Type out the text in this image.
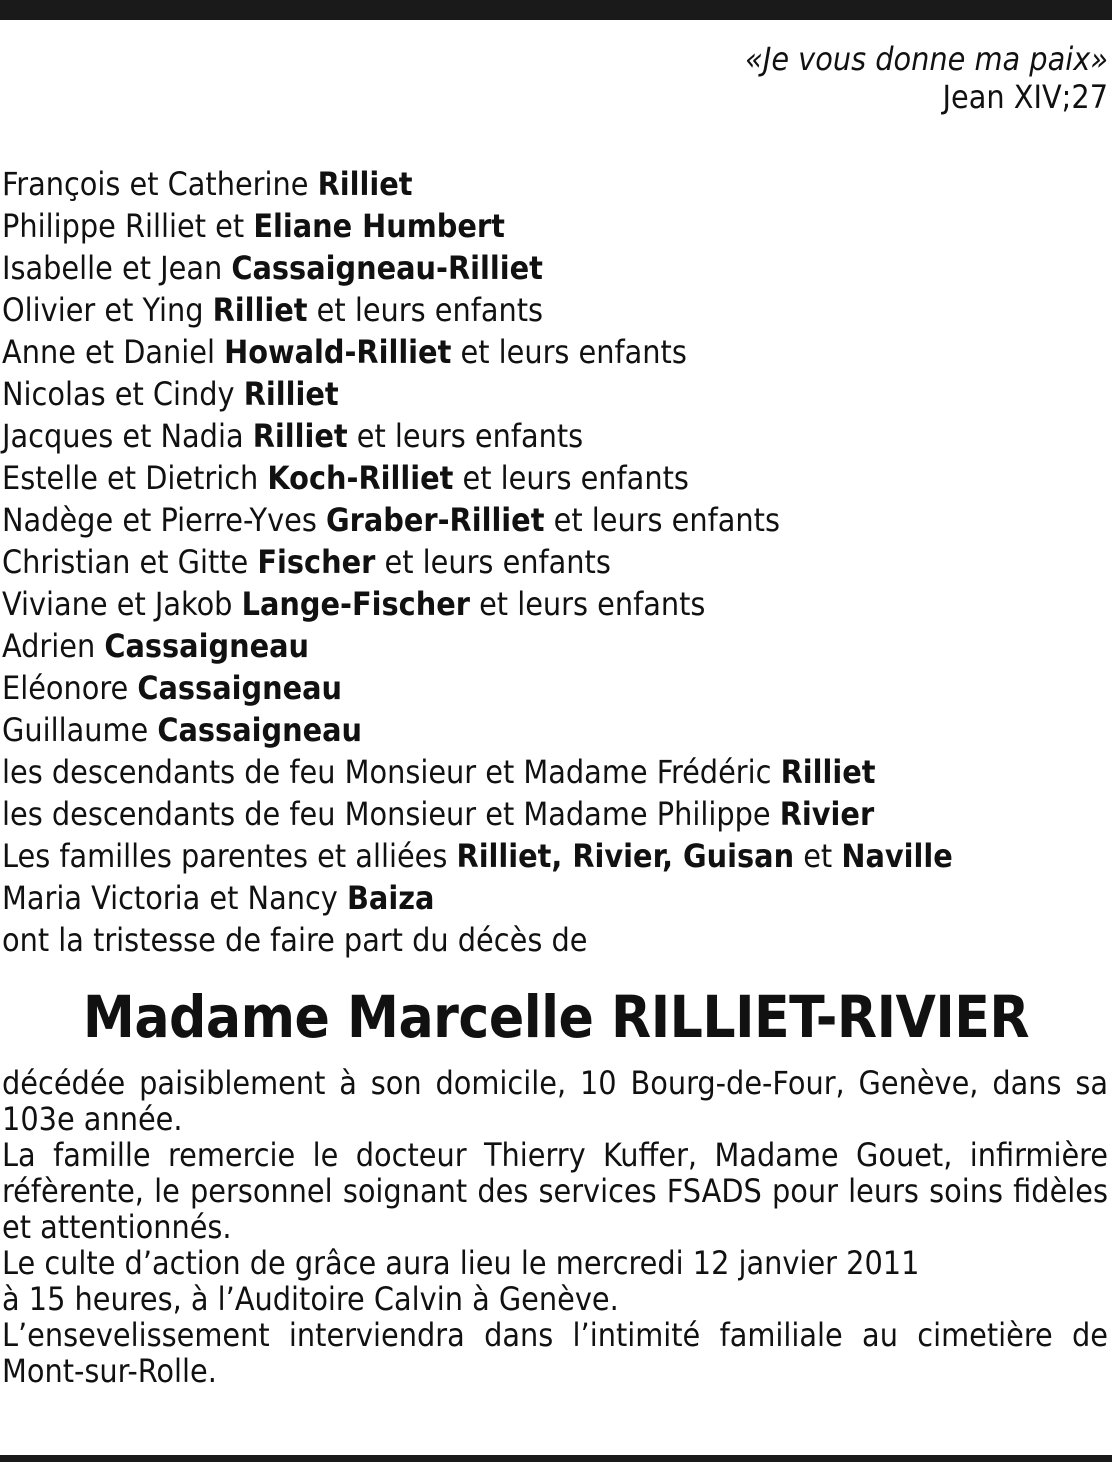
«Je vous donne ma paix»
Jean XIV;27
François et Catherine Rilliet
Philippe Rilliet et Eliane Humbert
Isabelle et Jean Cassaigneau-Rilliet
Olivier et Ying Rilliet et leurs enfants
Anne et Daniel Howald-Rilliet et leurs enfants
Nicolas et Cindy Rilliet
Jacques et Nadia Rilliet et leurs enfants
Estelle et Dietrich Koch-Rilliet et leurs enfants
Nadège et Pierre-Yves Graber-Rilliet et leurs enfants
Christian et Gitte Fischer et leurs enfants
Viviane et Jakob Lange-Fischer et leurs enfants
Adrien Cassaigneau
Eléonore Cassaigneau
Guillaume Cassaigneau
les descendants de feu Monsieur et Madame Frédéric Rilliet
les descendants de feu Monsieur et Madame Philippe Rivier
Les familles parentes et alliées Rilliet, Rivier, Guisan et Naville
Maria Victoria et Nancy Baiza
ont la tristesse de faire part du décès de
Madame Marcelle RILLIET-RIVIER

décédée paisiblement à son domicile, 10 Bourg-de-Four, Genève, dans sa 103e année.

La famille remercie le docteur Thierry Kuffer, Madame Gouet, infirmière réfèrente, le personnel soignant des services FSADS pour leurs soins fidèles et attentionnés.

Le culte d’action de grâce aura lieu le mercredi 12 janvier 2011

à 15 heures, à l’Auditoire Calvin à Genève.

L’ensevelissement interviendra dans l’intimité familiale au cimetière de Mont-sur-Rolle.
